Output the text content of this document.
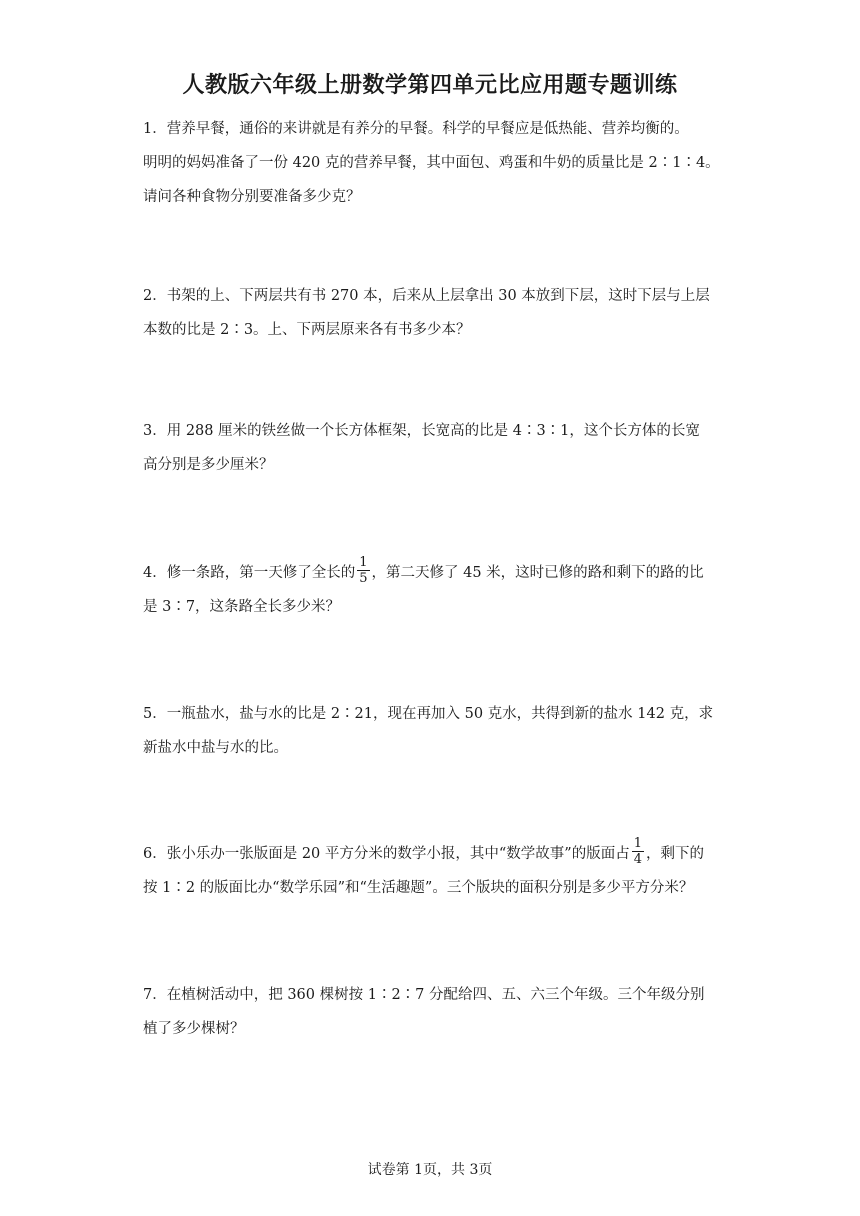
人教版六年级上册数学第四单元比应用题专题训练
1．营养早餐，通俗的来讲就是有养分的早餐。科学的早餐应是低热能、营养均衡的。
明明的妈妈准备了一份 420 克的营养早餐，其中面包、鸡蛋和牛奶的质量比是 2∶1∶4。
请问各种食物分别要准备多少克？
2．书架的上、下两层共有书 270 本，后来从上层拿出 30 本放到下层，这时下层与上层
本数的比是 2∶3。上、下两层原来各有书多少本？
3．用 288 厘米的铁丝做一个长方体框架，长宽高的比是 4∶3∶1，这个长方体的长宽
高分别是多少厘米？
4．修一条路，第一天修了全长的 $\frac{1}{5}$ ，第二天修了 45 米，这时已修的路和剩下的路的比
是 3∶7，这条路全长多少米？
5．一瓶盐水，盐与水的比是 2∶21，现在再加入 50 克水，共得到新的盐水 142 克，求
新盐水中盐与水的比。
6．张小乐办一张版面是 20 平方分米的数学小报，其中“数学故事”的版面占 $\frac{1}{4}$ ，剩下的
按 1∶2 的版面比办“数学乐园”和“生活趣题”。三个版块的面积分别是多少平方分米？
7．在植树活动中，把 360 棵树按 1∶2∶7 分配给四、五、六三个年级。三个年级分别
植了多少棵树？
试卷第 1页，共 3页
